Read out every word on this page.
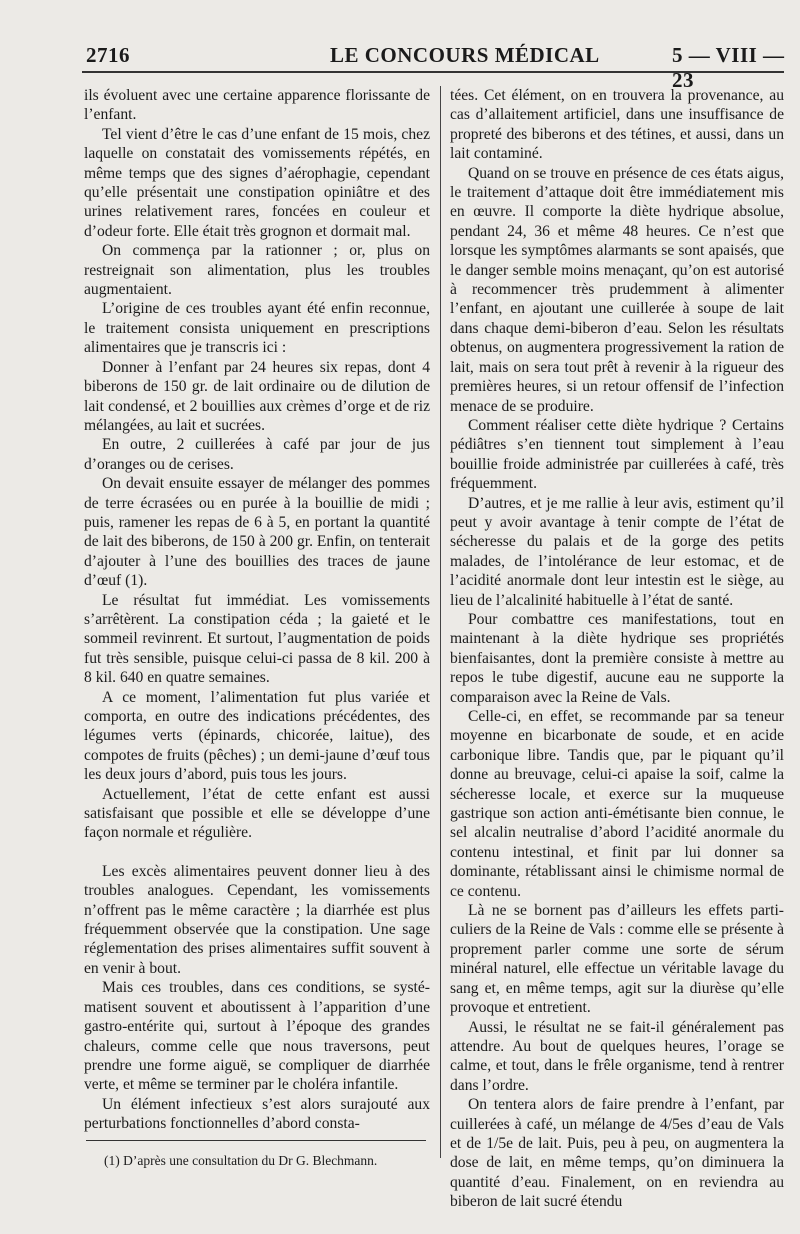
2716	LE CONCOURS MÉDICAL	5 — VIII — 23

ils évoluent avec une certaine apparence florissante de l’enfant.

Tel vient d’être le cas d’une enfant de 15 mois, chez laquelle on constatait des vomissements répétés, en même temps que des signes d’aérophagie, cependant qu’elle présentait une constipation opiniâtre et des urines relativement rares, foncées en couleur et d’odeur forte. Elle était très grognon et dormait mal.

On commença par la rationner ; or, plus on restreignait son alimentation, plus les troubles augmentaient.

L’origine de ces troubles ayant été enfin reconnue, le traitement consista uniquement en prescriptions alimentaires que je transcris ici :

Donner à l’enfant par 24 heures six repas, dont 4 biberons de 150 gr. de lait ordinaire ou de dilution de lait condensé, et 2 bouillies aux crèmes d’orge et de riz mélangées, au lait et sucrées.

En outre, 2 cuillerées à café par jour de jus d’oranges ou de cerises.

On devait ensuite essayer de mélanger des pommes de terre écrasées ou en purée à la bouillie de midi ; puis, ramener les repas de 6 à 5, en portant la quantité de lait des biberons, de 150 à 200 gr. Enfin, on tenterait d’ajouter à l’une des bouillies des traces de jaune d’œuf (1).

Le résultat fut immédiat. Les vomissements s’arrêtèrent. La constipation céda ; la gaieté et le sommeil revinrent. Et surtout, l’augmentation de poids fut très sensible, puisque celui-ci passa de 8 kil. 200 à 8 kil. 640 en quatre semaines.

A ce moment, l’alimentation fut plus variée et comporta, en outre des indications précédentes, des légumes verts (épinards, chicorée, laitue), des compotes de fruits (pêches) ; un demi-jaune d’œuf tous les deux jours d’abord, puis tous les jours.

Actuellement, l’état de cette enfant est aussi satisfaisant que possible et elle se développe d’une façon normale et régulière.

Les excès alimentaires peuvent donner lieu à des troubles analogues. Cependant, les vomissements n’offrent pas le même caractère ; la diarrhée est plus fréquemment observée que la constipation. Une sage réglementation des prises alimentaires suffit souvent à en venir à bout.

Mais ces troubles, dans ces conditions, se systématisent souvent et aboutissent à l’apparition d’une gastro-entérite qui, surtout à l’époque des grandes chaleurs, comme celle que nous traversons, peut prendre une forme aiguë, se compliquer de diarrhée verte, et même se terminer par le choléra infantile.

Un élément infectieux s’est alors surajouté aux perturbations fonctionnelles d’abord consta-

tées. Cet élément, on en trouvera la provenance, au cas d’allaitement artificiel, dans une insuffisance de propreté des biberons et des tétines, et aussi, dans un lait contaminé.

Quand on se trouve en présence de ces états aigus, le traitement d’attaque doit être immédiatement mis en œuvre. Il comporte la diète hydrique absolue, pendant 24, 36 et même 48 heures. Ce n’est que lorsque les symptômes alarmants se sont apaisés, que le danger semble moins menaçant, qu’on est autorisé à recommencer très prudemment à alimenter l’enfant, en ajoutant une cuillerée à soupe de lait dans chaque demi-biberon d’eau. Selon les résultats obtenus, on augmentera progressivement la ration de lait, mais on sera tout prêt à revenir à la rigueur des premières heures, si un retour offensif de l’infection menace de se produire.

Comment réaliser cette diète hydrique ? Certains pédiâtres s’en tiennent tout simplement à l’eau bouillie froide administrée par cuillerées à café, très fréquemment.

D’autres, et je me rallie à leur avis, estiment qu’il peut y avoir avantage à tenir compte de l’état de sécheresse du palais et de la gorge des petits malades, de l’intolérance de leur estomac, et de l’acidité anormale dont leur intestin est le siège, au lieu de l’alcalinité habituelle à l’état de santé.

Pour combattre ces manifestations, tout en maintenant à la diète hydrique ses propriétés bienfaisantes, dont la première consiste à mettre au repos le tube digestif, aucune eau ne supporte la comparaison avec la Reine de Vals.

Celle-ci, en effet, se recommande par sa teneur moyenne en bicarbonate de soude, et en acide carbonique libre. Tandis que, par le piquant qu’il donne au breuvage, celui-ci apaise la soif, calme la sécheresse locale, et exerce sur la muqueuse gastrique son action anti-émétisante bien connue, le sel alcalin neutralise d’abord l’acidité anormale du contenu intestinal, et finit par lui donner sa dominante, rétablissant ainsi le chimisme normal de ce contenu.

Là ne se bornent pas d’ailleurs les effets particuliers de la Reine de Vals : comme elle se présente à proprement parler comme une sorte de sérum minéral naturel, elle effectue un véritable lavage du sang et, en même temps, agit sur la diurèse qu’elle provoque et entretient.

Aussi, le résultat ne se fait-il généralement pas attendre. Au bout de quelques heures, l’orage se calme, et tout, dans le frêle organisme, tend à rentrer dans l’ordre.

On tentera alors de faire prendre à l’enfant, par cuillerées à café, un mélange de 4/5es d’eau de Vals et de 1/5e de lait. Puis, peu à peu, on augmentera la dose de lait, en même temps, qu’on diminuera la quantité d’eau. Finalement, on en reviendra au biberon de lait sucré étendu

(1) D’après une consultation du Dr G. Blechmann.
